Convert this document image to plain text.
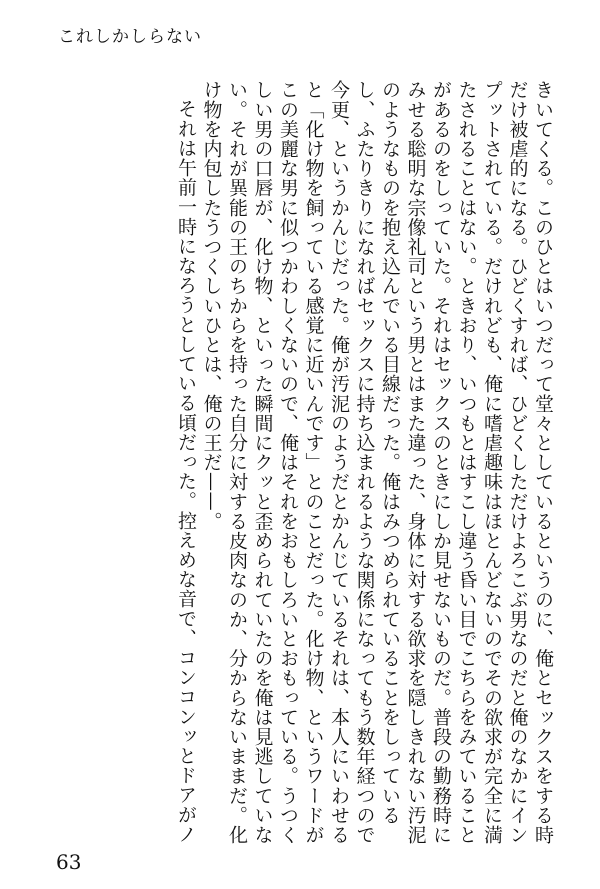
これしかしらない

きいてくる。このひとはいつだって堂々としているというのに、俺とセックスをする時だけ被虐的になる。ひどくすれば、ひどくしただけよろこぶ男なのだと俺のなかにインプットされている。だけれども、俺に嗜虐趣味はほとんどないのでその欲求が完全に満たされることはない。ときおり、いつもとはすこし違う昏い目でこちらをみていることがあるのをしっていた。それはセックスのときにしか見せないものだ。普段の勤務時にみせる聡明な宗像礼司という男とはまた違った、身体に対する欲求を隠しきれない汚泥のようなものを抱え込んでいる目線だった。俺はみつめられていることをしっているし、ふたりきりになればセックスに持ち込まれるような関係になってもう数年経つので今更、というかんじだった。俺が汚泥のようだとかんじているそれは、本人にいわせると「化け物を飼っている感覚に近いんです」とのことだった。化け物、というワードがこの美麗な男に似つかわしくないので、俺はそれをおもしろいとおもっている。うつくしい男の口唇が、化け物、といった瞬間にクッと歪められていたのを俺は見逃していない。それが異能の王のちからを持った自分に対する皮肉なのか、分からないままだ。化け物を内包したうつくしいひとは、俺の王だ——。

それは午前一時になろうとしている頃だった。控えめな音で、コンコンッとドアがノ

63
